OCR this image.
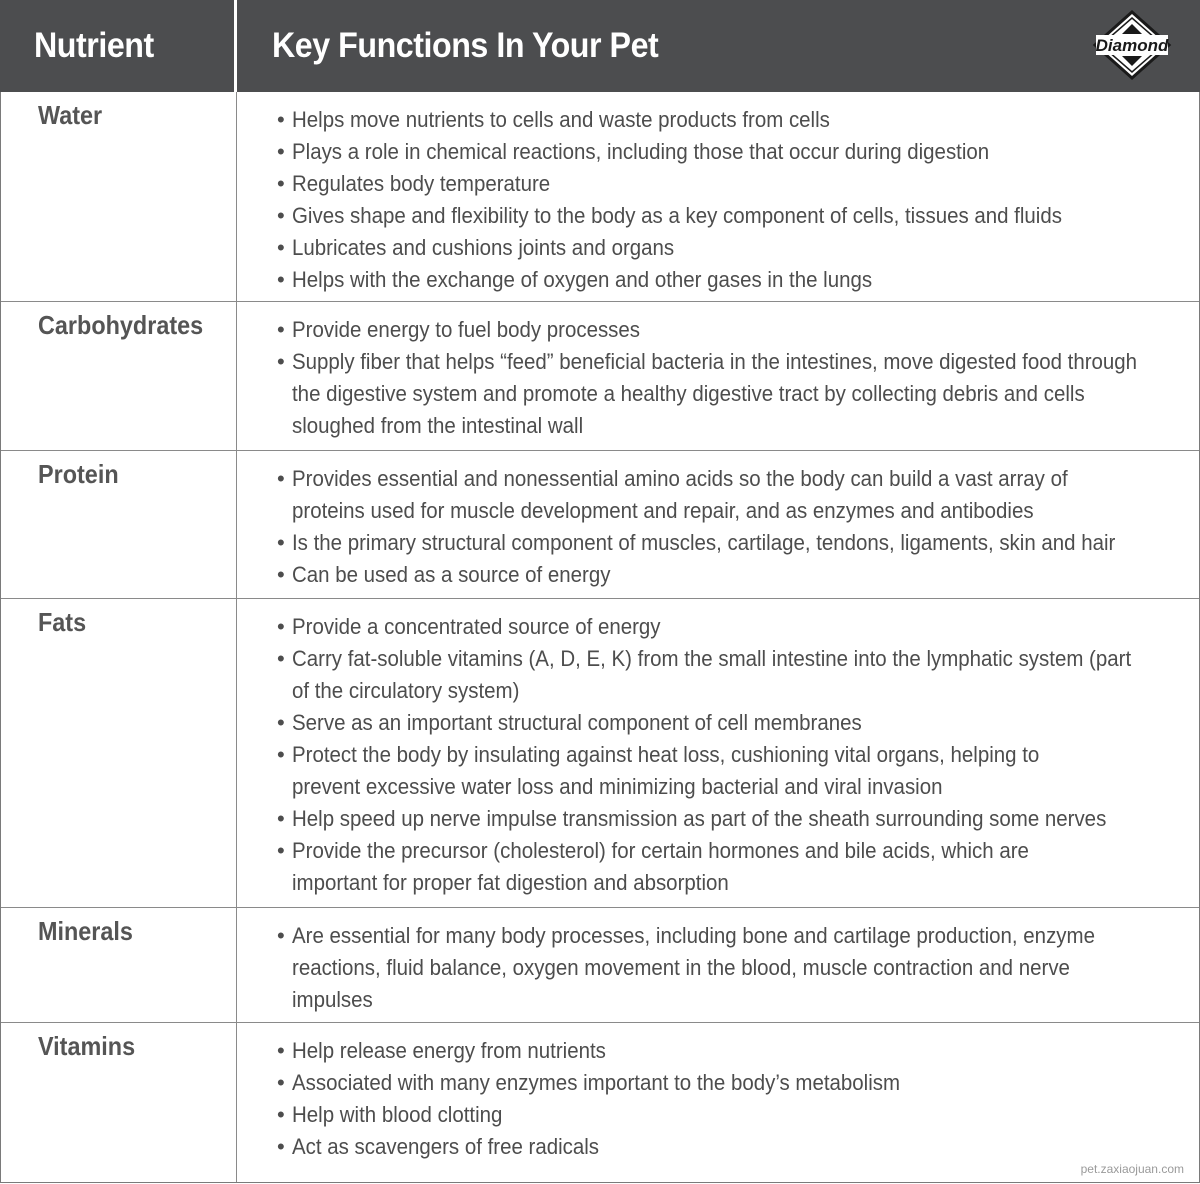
Nutrient	Key Functions In Your Pet	Diamond
Water	• Helps move nutrients to cells and waste products from cells
• Plays a role in chemical reactions, including those that occur during digestion
• Regulates body temperature
• Gives shape and flexibility to the body as a key component of cells, tissues and fluids
• Lubricates and cushions joints and organs
• Helps with the exchange of oxygen and other gases in the lungs
Carbohydrates	• Provide energy to fuel body processes
• Supply fiber that helps “feed” beneficial bacteria in the intestines, move digested food through the digestive system and promote a healthy digestive tract by collecting debris and cells sloughed from the intestinal wall
Protein	• Provides essential and nonessential amino acids so the body can build a vast array of proteins used for muscle development and repair, and as enzymes and antibodies
• Is the primary structural component of muscles, cartilage, tendons, ligaments, skin and hair
• Can be used as a source of energy
Fats	• Provide a concentrated source of energy
• Carry fat-soluble vitamins (A, D, E, K) from the small intestine into the lymphatic system (part of the circulatory system)
• Serve as an important structural component of cell membranes
• Protect the body by insulating against heat loss, cushioning vital organs, helping to prevent excessive water loss and minimizing bacterial and viral invasion
• Help speed up nerve impulse transmission as part of the sheath surrounding some nerves
• Provide the precursor (cholesterol) for certain hormones and bile acids, which are important for proper fat digestion and absorption
Minerals	• Are essential for many body processes, including bone and cartilage production, enzyme reactions, fluid balance, oxygen movement in the blood, muscle contraction and nerve impulses
Vitamins	• Help release energy from nutrients
• Associated with many enzymes important to the body’s metabolism
• Help with blood clotting
• Act as scavengers of free radicals
pet.zaxiaojuan.com
